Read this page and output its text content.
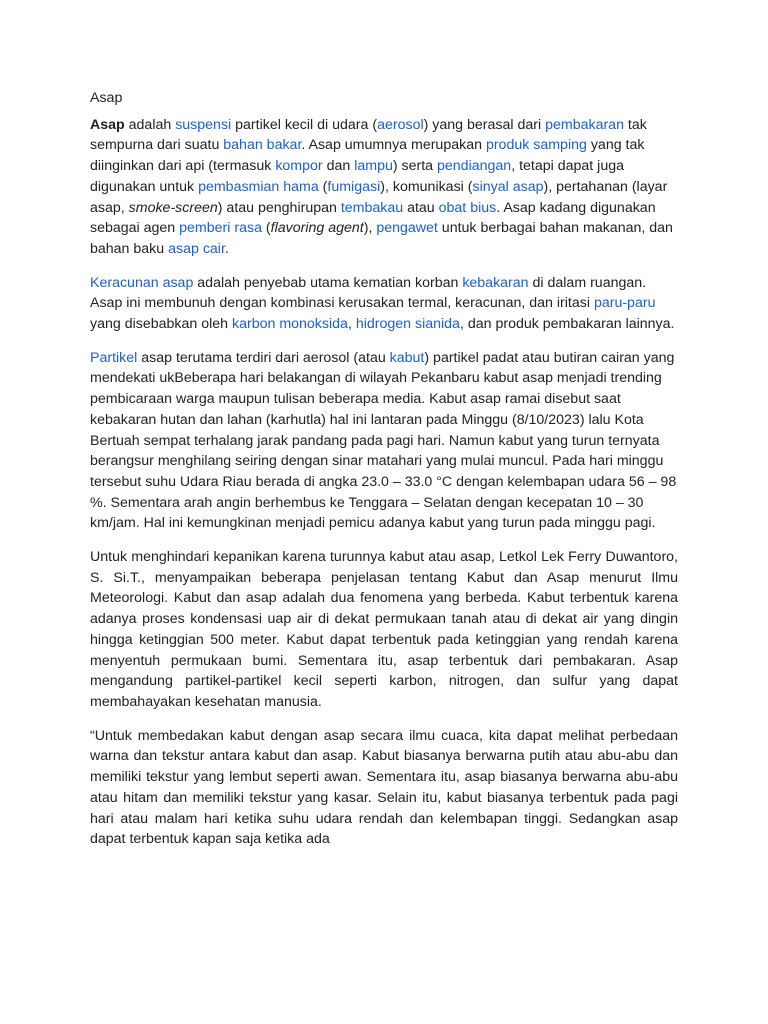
Asap

Asap adalah suspensi partikel kecil di udara (aerosol) yang berasal dari pembakaran tak sempurna dari suatu bahan bakar. Asap umumnya merupakan produk samping yang tak diinginkan dari api (termasuk kompor dan lampu) serta pendiangan, tetapi dapat juga digunakan untuk pembasmian hama (fumigasi), komunikasi (sinyal asap), pertahanan (layar asap, smoke-screen) atau penghirupan tembakau atau obat bius. Asap kadang digunakan sebagai agen pemberi rasa (flavoring agent), pengawet untuk berbagai bahan makanan, dan bahan baku asap cair.

Keracunan asap adalah penyebab utama kematian korban kebakaran di dalam ruangan. Asap ini membunuh dengan kombinasi kerusakan termal, keracunan, dan iritasi paru-paru yang disebabkan oleh karbon monoksida, hidrogen sianida, dan produk pembakaran lainnya.

Partikel asap terutama terdiri dari aerosol (atau kabut) partikel padat atau butiran cairan yang mendekati ukBeberapa hari belakangan di wilayah Pekanbaru kabut asap menjadi trending pembicaraan warga maupun tulisan beberapa media. Kabut asap ramai disebut saat kebakaran hutan dan lahan (karhutla) hal ini lantaran pada Minggu (8/10/2023) lalu Kota Bertuah sempat terhalang jarak pandang pada pagi hari. Namun kabut yang turun ternyata berangsur menghilang seiring dengan sinar matahari yang mulai muncul. Pada hari minggu tersebut suhu Udara Riau berada di angka 23.0 – 33.0 °C dengan kelembapan udara 56 – 98 %. Sementara arah angin berhembus ke Tenggara – Selatan dengan kecepatan 10 – 30 km/jam. Hal ini kemungkinan menjadi pemicu adanya kabut yang turun pada minggu pagi.

Untuk menghindari kepanikan karena turunnya kabut atau asap, Letkol Lek Ferry Duwantoro, S. Si.T., menyampaikan beberapa penjelasan tentang Kabut dan Asap menurut Ilmu Meteorologi. Kabut dan asap adalah dua fenomena yang berbeda. Kabut terbentuk karena adanya proses kondensasi uap air di dekat permukaan tanah atau di dekat air yang dingin hingga ketinggian 500 meter. Kabut dapat terbentuk pada ketinggian yang rendah karena menyentuh permukaan bumi. Sementara itu, asap terbentuk dari pembakaran. Asap mengandung partikel-partikel kecil seperti karbon, nitrogen, dan sulfur yang dapat membahayakan kesehatan manusia.

“Untuk membedakan kabut dengan asap secara ilmu cuaca, kita dapat melihat perbedaan warna dan tekstur antara kabut dan asap. Kabut biasanya berwarna putih atau abu-abu dan memiliki tekstur yang lembut seperti awan. Sementara itu, asap biasanya berwarna abu-abu atau hitam dan memiliki tekstur yang kasar. Selain itu, kabut biasanya terbentuk pada pagi hari atau malam hari ketika suhu udara rendah dan kelembapan tinggi. Sedangkan asap dapat terbentuk kapan saja ketika ada
